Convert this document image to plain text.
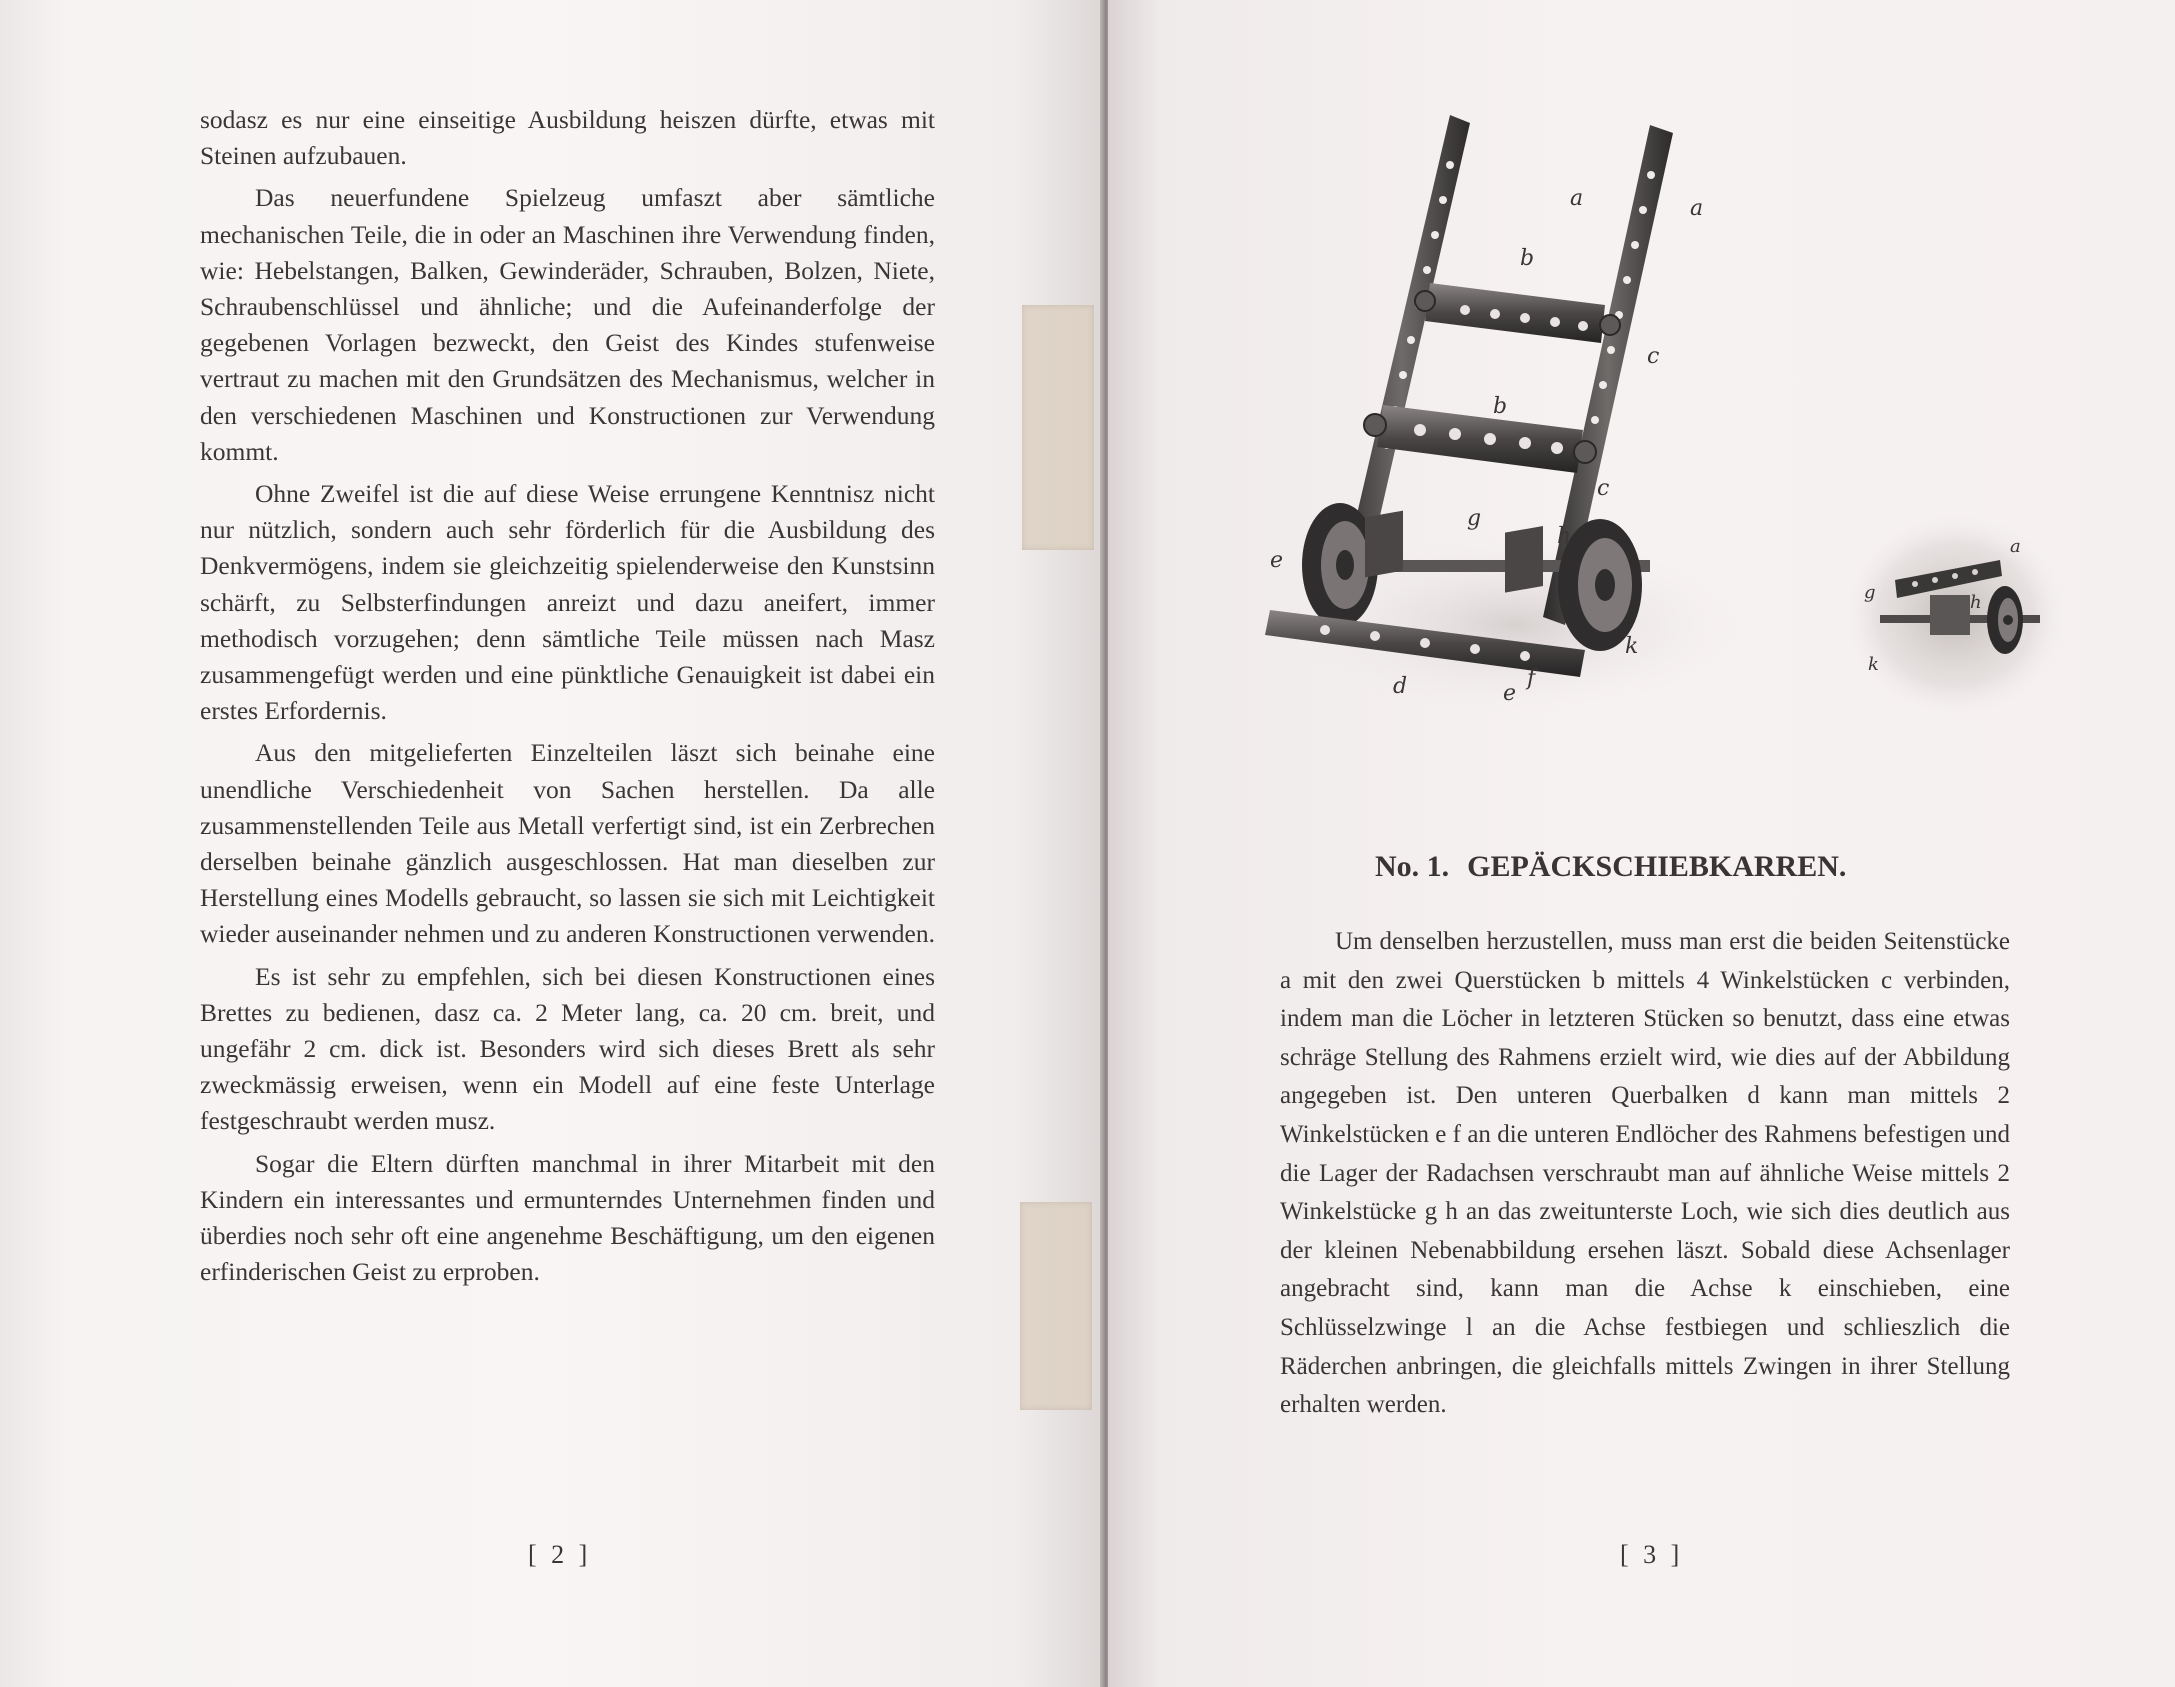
sodasz es nur eine einseitige Ausbildung heiszen dürfte, etwas mit Steinen aufzubauen.

Das neuerfundene Spielzeug umfaszt aber sämtliche mechanischen Teile, die in oder an Maschinen ihre Verwendung finden, wie: Hebelstangen, Balken, Gewinderäder, Schrauben, Bolzen, Niete, Schraubenschlüssel und ähnliche; und die Aufeinanderfolge der gegebenen Vorlagen bezweckt, den Geist des Kindes stufenweise vertraut zu machen mit den Grundsätzen des Mechanismus, welcher in den verschiedenen Maschinen und Konstructionen zur Verwendung kommt.

Ohne Zweifel ist die auf diese Weise errungene Kenntnisz nicht nur nützlich, sondern auch sehr förderlich für die Ausbildung des Denkvermögens, indem sie gleichzeitig spielenderweise den Kunstsinn schärft, zu Selbsterfindungen anreizt und dazu aneifert, immer methodisch vorzugehen; denn sämtliche Teile müssen nach Masz zusammengefügt werden und eine pünktliche Genauigkeit ist dabei ein erstes Erfordernis.

Aus den mitgelieferten Einzelteilen läszt sich beinahe eine unendliche Verschiedenheit von Sachen herstellen. Da alle zusammenstellenden Teile aus Metall verfertigt sind, ist ein Zerbrechen derselben beinahe gänzlich ausgeschlossen. Hat man dieselben zur Herstellung eines Modells gebraucht, so lassen sie sich mit Leichtigkeit wieder auseinander nehmen und zu anderen Konstructionen verwenden.

Es ist sehr zu empfehlen, sich bei diesen Konstructionen eines Brettes zu bedienen, dasz ca. 2 Meter lang, ca. 20 cm. breit, und ungefähr 2 cm. dick ist. Besonders wird sich dieses Brett als sehr zweckmässig erweisen, wenn ein Modell auf eine feste Unterlage festgeschraubt werden musz.

Sogar die Eltern dürften manchmal in ihrer Mitarbeit mit den Kindern ein interessantes und ermunterndes Unternehmen finden und überdies noch sehr oft eine angenehme Beschäftigung, um den eigenen erfinderischen Geist zu erproben.

[ 2 ]	[ 3 ]
a	a
b
c
b
c
g
h
e
k
d	e
f
a
g	h
k
No. 1. GEPÄCKSCHIEBKARREN.

Um denselben herzustellen, muss man erst die beiden Seitenstücke a mit den zwei Querstücken b mittels 4 Winkelstücken c verbinden, indem man die Löcher in letzteren Stücken so benutzt, dass eine etwas schräge Stellung des Rahmens erzielt wird, wie dies auf der Abbildung angegeben ist. Den unteren Querbalken d kann man mittels 2 Winkelstücken e f an die unteren Endlöcher des Rahmens befestigen und die Lager der Radachsen verschraubt man auf ähnliche Weise mittels 2 Winkelstücke g h an das zweitunterste Loch, wie sich dies deutlich aus der kleinen Nebenabbildung ersehen läszt. Sobald diese Achsenlager angebracht sind, kann man die Achse k einschieben, eine Schlüsselzwinge l an die Achse festbiegen und schlieszlich die Räderchen anbringen, die gleichfalls mittels Zwingen in ihrer Stellung erhalten werden.
